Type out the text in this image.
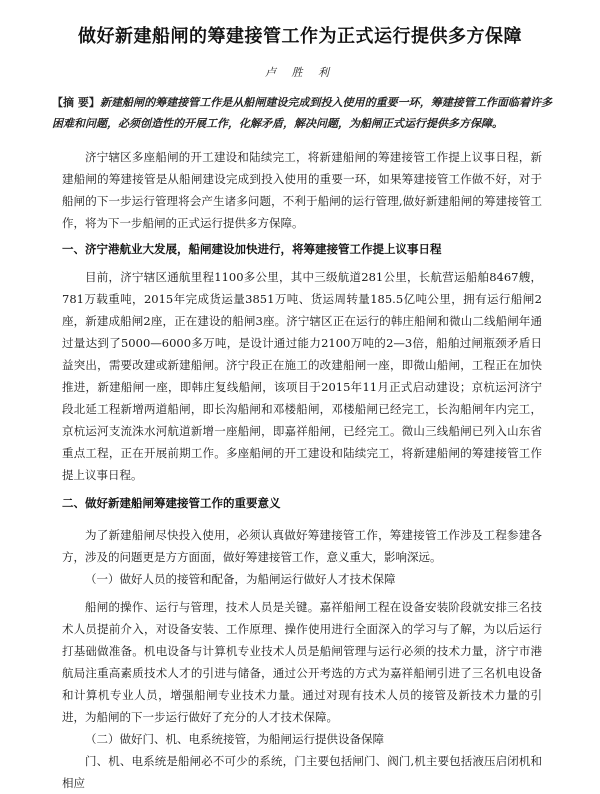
做好新建船闸的筹建接管工作为正式运行提供多方保障
卢 胜 利
【摘 要】新建船闸的筹建接管工作是从船闸建设完成到投入使用的重要一环，筹建接管工作面临着许多困难和问题，必须创造性的开展工作，化解矛盾，解决问题，为船闸正式运行提供多方保障。

济宁辖区多座船闸的开工建设和陆续完工，将新建船闸的筹建接管工作提上议事日程，新建船闸的筹建接管是从船闸建设完成到投入使用的重要一环，如果筹建接管工作做不好，对于船闸的下一步运行管理将会产生诸多问题，不利于船闸的运行管理,做好新建船闸的筹建接管工作，将为下一步船闸的正式运行提供多方保障。

一、济宁港航业大发展，船闸建设加快进行，将筹建接管工作提上议事日程

目前，济宁辖区通航里程1100多公里，其中三级航道281公里，长航营运船舶8467艘，781万载重吨，2015年完成货运量3851万吨、货运周转量185.5亿吨公里，拥有运行船闸2座，新建成船闸2座，正在建设的船闸3座。济宁辖区正在运行的韩庄船闸和微山二线船闸年通过量达到了5000—6000多万吨，是设计通过能力2100万吨的2—3倍，船舶过闸瓶颈矛盾日益突出，需要改建或新建船闸。济宁段正在施工的改建船闸一座，即微山船闸，工程正在加快推进，新建船闸一座，即韩庄复线船闸，该项目于2015年11月正式启动建设；京杭运河济宁段北延工程新增两道船闸，即长沟船闸和邓楼船闸，邓楼船闸已经完工，长沟船闸年内完工，京杭运河支流洙水河航道新增一座船闸，即嘉祥船闸，已经完工。微山三线船闸已列入山东省重点工程，正在开展前期工作。多座船闸的开工建设和陆续完工，将新建船闸的筹建接管工作提上议事日程。

二、做好新建船闸筹建接管工作的重要意义

为了新建船闸尽快投入使用，必须认真做好筹建接管工作，筹建接管工作涉及工程参建各方，涉及的问题更是方方面面，做好筹建接管工作，意义重大，影响深远。

（一）做好人员的接管和配备，为船闸运行做好人才技术保障

船闸的操作、运行与管理，技术人员是关键。嘉祥船闸工程在设备安装阶段就安排三名技术人员提前介入，对设备安装、工作原理、操作使用进行全面深入的学习与了解，为以后运行打基础做准备。机电设备与计算机专业技术人员是船闸管理与运行必须的技术力量，济宁市港航局注重高素质技术人才的引进与储备，通过公开考选的方式为嘉祥船闸引进了三名机电设备和计算机专业人员，增强船闸专业技术力量。通过对现有技术人员的接管及新技术力量的引进，为船闸的下一步运行做好了充分的人才技术保障。

（二）做好门、机、电系统接管，为船闸运行提供设备保障

门、机、电系统是船闸必不可少的系统，门主要包括闸门、阀门,机主要包括液压启闭机和相应
